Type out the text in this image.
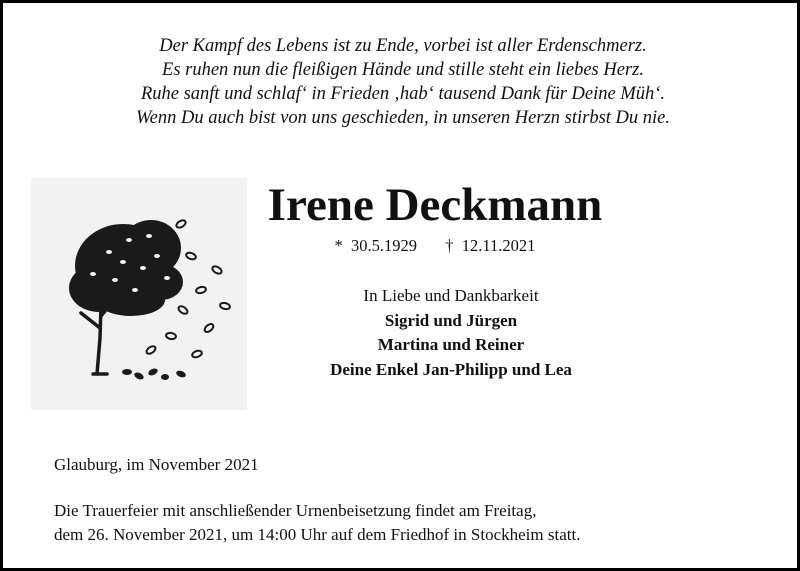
Der Kampf des Lebens ist zu Ende, vorbei ist aller Erdenschmerz.
Es ruhen nun die fleißigen Hände und stille steht ein liebes Herz.
Ruhe sanft und schlaf‘ in Frieden ‚hab‘ tausend Dank für Deine Müh‘.
Wenn Du auch bist von uns geschieden, in unseren Herzn stirbst Du nie.
Irene Deckmann
* 30.5.1929 † 12.11.2021
In Liebe und Dankbarkeit
Sigrid und Jürgen
Martina und Reiner
Deine Enkel Jan-Philipp und Lea
Glauburg, im November 2021
Die Trauerfeier mit anschließender Urnenbeisetzung findet am Freitag,
dem 26. November 2021, um 14:00 Uhr auf dem Friedhof in Stockheim statt.
